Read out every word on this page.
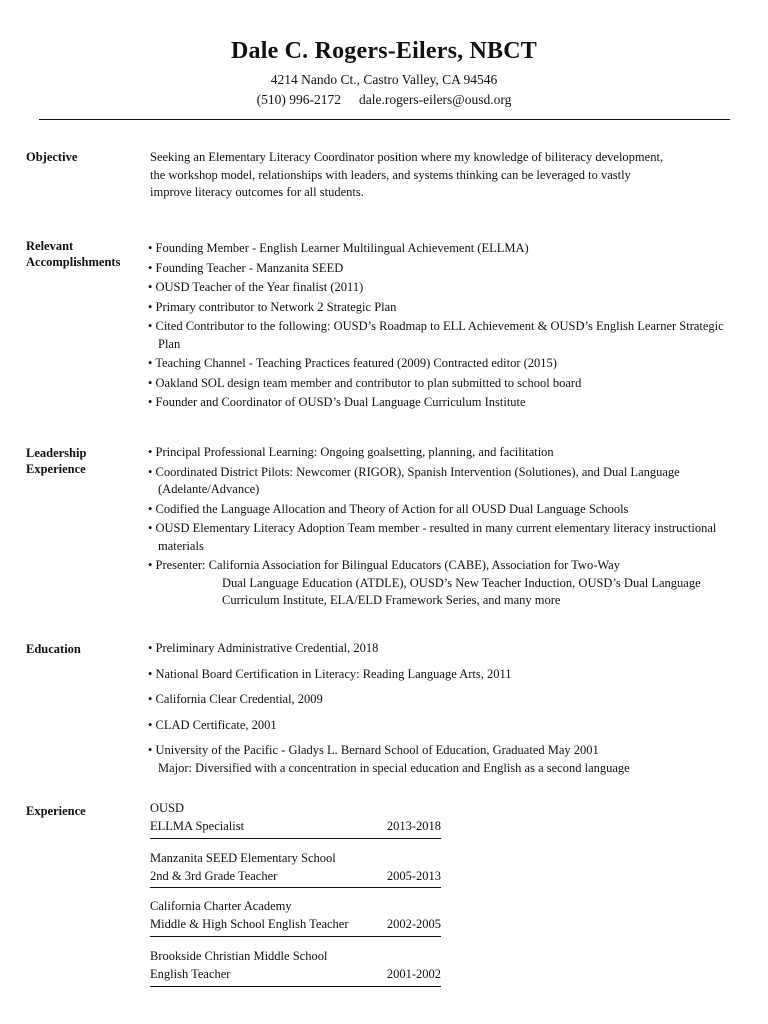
Dale C. Rogers-Eilers, NBCT
4214 Nando Ct., Castro Valley, CA 94546
(510) 996-2172 dale.rogers-eilers@ousd.org
Objective	Seeking an Elementary Literacy Coordinator position where my knowledge of biliteracy development,
the workshop model, relationships with leaders, and systems thinking can be leveraged to vastly
improve literacy outcomes for all students.
Relevant
Accomplishments
• Founding Member - English Learner Multilingual Achievement (ELLMA)
• Founding Teacher - Manzanita SEED
• OUSD Teacher of the Year finalist (2011)
• Primary contributor to Network 2 Strategic Plan
• Cited Contributor to the following: OUSD’s Roadmap to ELL Achievement & OUSD’s English Learner Strategic Plan
• Teaching Channel - Teaching Practices featured (2009) Contracted editor (2015)
• Oakland SOL design team member and contributor to plan submitted to school board
• Founder and Coordinator of OUSD’s Dual Language Curriculum Institute
Leadership
Experience
• Principal Professional Learning: Ongoing goalsetting, planning, and facilitation
• Coordinated District Pilots: Newcomer (RIGOR), Spanish Intervention (Solutiones), and Dual Language (Adelante/Advance)
• Codified the Language Allocation and Theory of Action for all OUSD Dual Language Schools
• OUSD Elementary Literacy Adoption Team member - resulted in many current elementary literacy instructional materials
• Presenter: California Association for Bilingual Educators (CABE), Association for Two-Way
Dual Language Education (ATDLE), OUSD’s New Teacher Induction, OUSD’s Dual Language Curriculum Institute, ELA/ELD Framework Series, and many more
Education	• Preliminary Administrative Credential, 2018
• National Board Certification in Literacy: Reading Language Arts, 2011
• California Clear Credential, 2009
• CLAD Certificate, 2001
• University of the Pacific - Gladys L. Bernard School of Education, Graduated May 2001
Major: Diversified with a concentration in special education and English as a second language
Experience	OUSD
ELLMA Specialist	2013-2018
Manzanita SEED Elementary School
2nd & 3rd Grade Teacher	2005-2013
California Charter Academy
Middle & High School English Teacher	2002-2005
Brookside Christian Middle School
English Teacher	2001-2002
